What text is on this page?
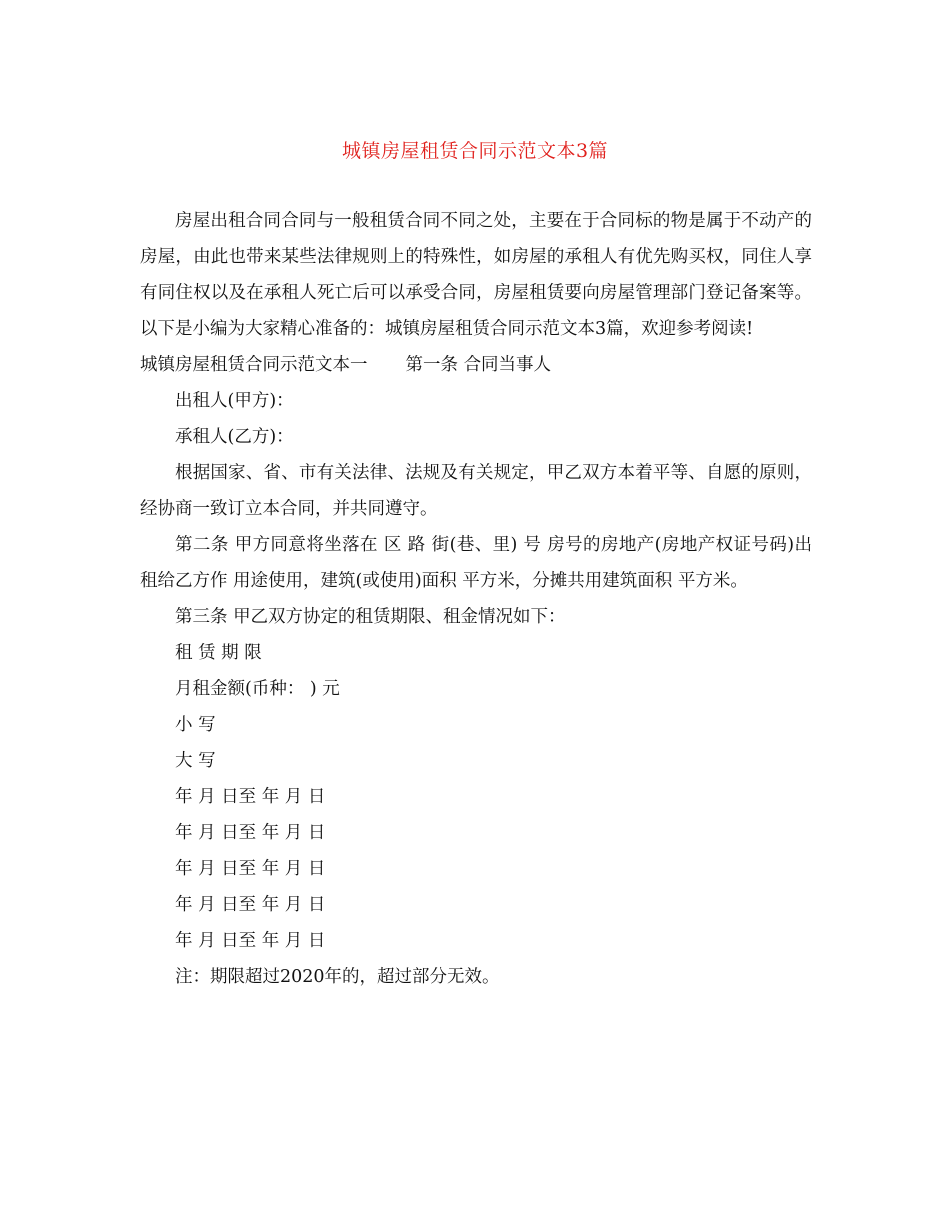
城镇房屋租赁合同示范文本3篇

房屋出租合同合同与一般租赁合同不同之处，主要在于合同标的物是属于不动产的房屋，由此也带来某些法律规则上的特殊性，如房屋的承租人有优先购买权，同住人享有同住权以及在承租人死亡后可以承受合同，房屋租赁要向房屋管理部门登记备案等。以下是小编为大家精心准备的：城镇房屋租赁合同示范文本3篇，欢迎参考阅读!

城镇房屋租赁合同示范文本一 第一条 合同当事人

出租人(甲方)：

承租人(乙方)：

根据国家、省、市有关法律、法规及有关规定，甲乙双方本着平等、自愿的原则，经协商一致订立本合同，并共同遵守。

第二条 甲方同意将坐落在 区 路 街(巷、里) 号 房号的房地产(房地产权证号码)出租给乙方作 用途使用，建筑(或使用)面积 平方米，分摊共用建筑面积 平方米。

第三条 甲乙双方协定的租赁期限、租金情况如下：

租 赁 期 限

月租金额(币种： ) 元

小 写

大 写

年 月 日至 年 月 日

年 月 日至 年 月 日

年 月 日至 年 月 日

年 月 日至 年 月 日

年 月 日至 年 月 日

注：期限超过2020年的，超过部分无效。
